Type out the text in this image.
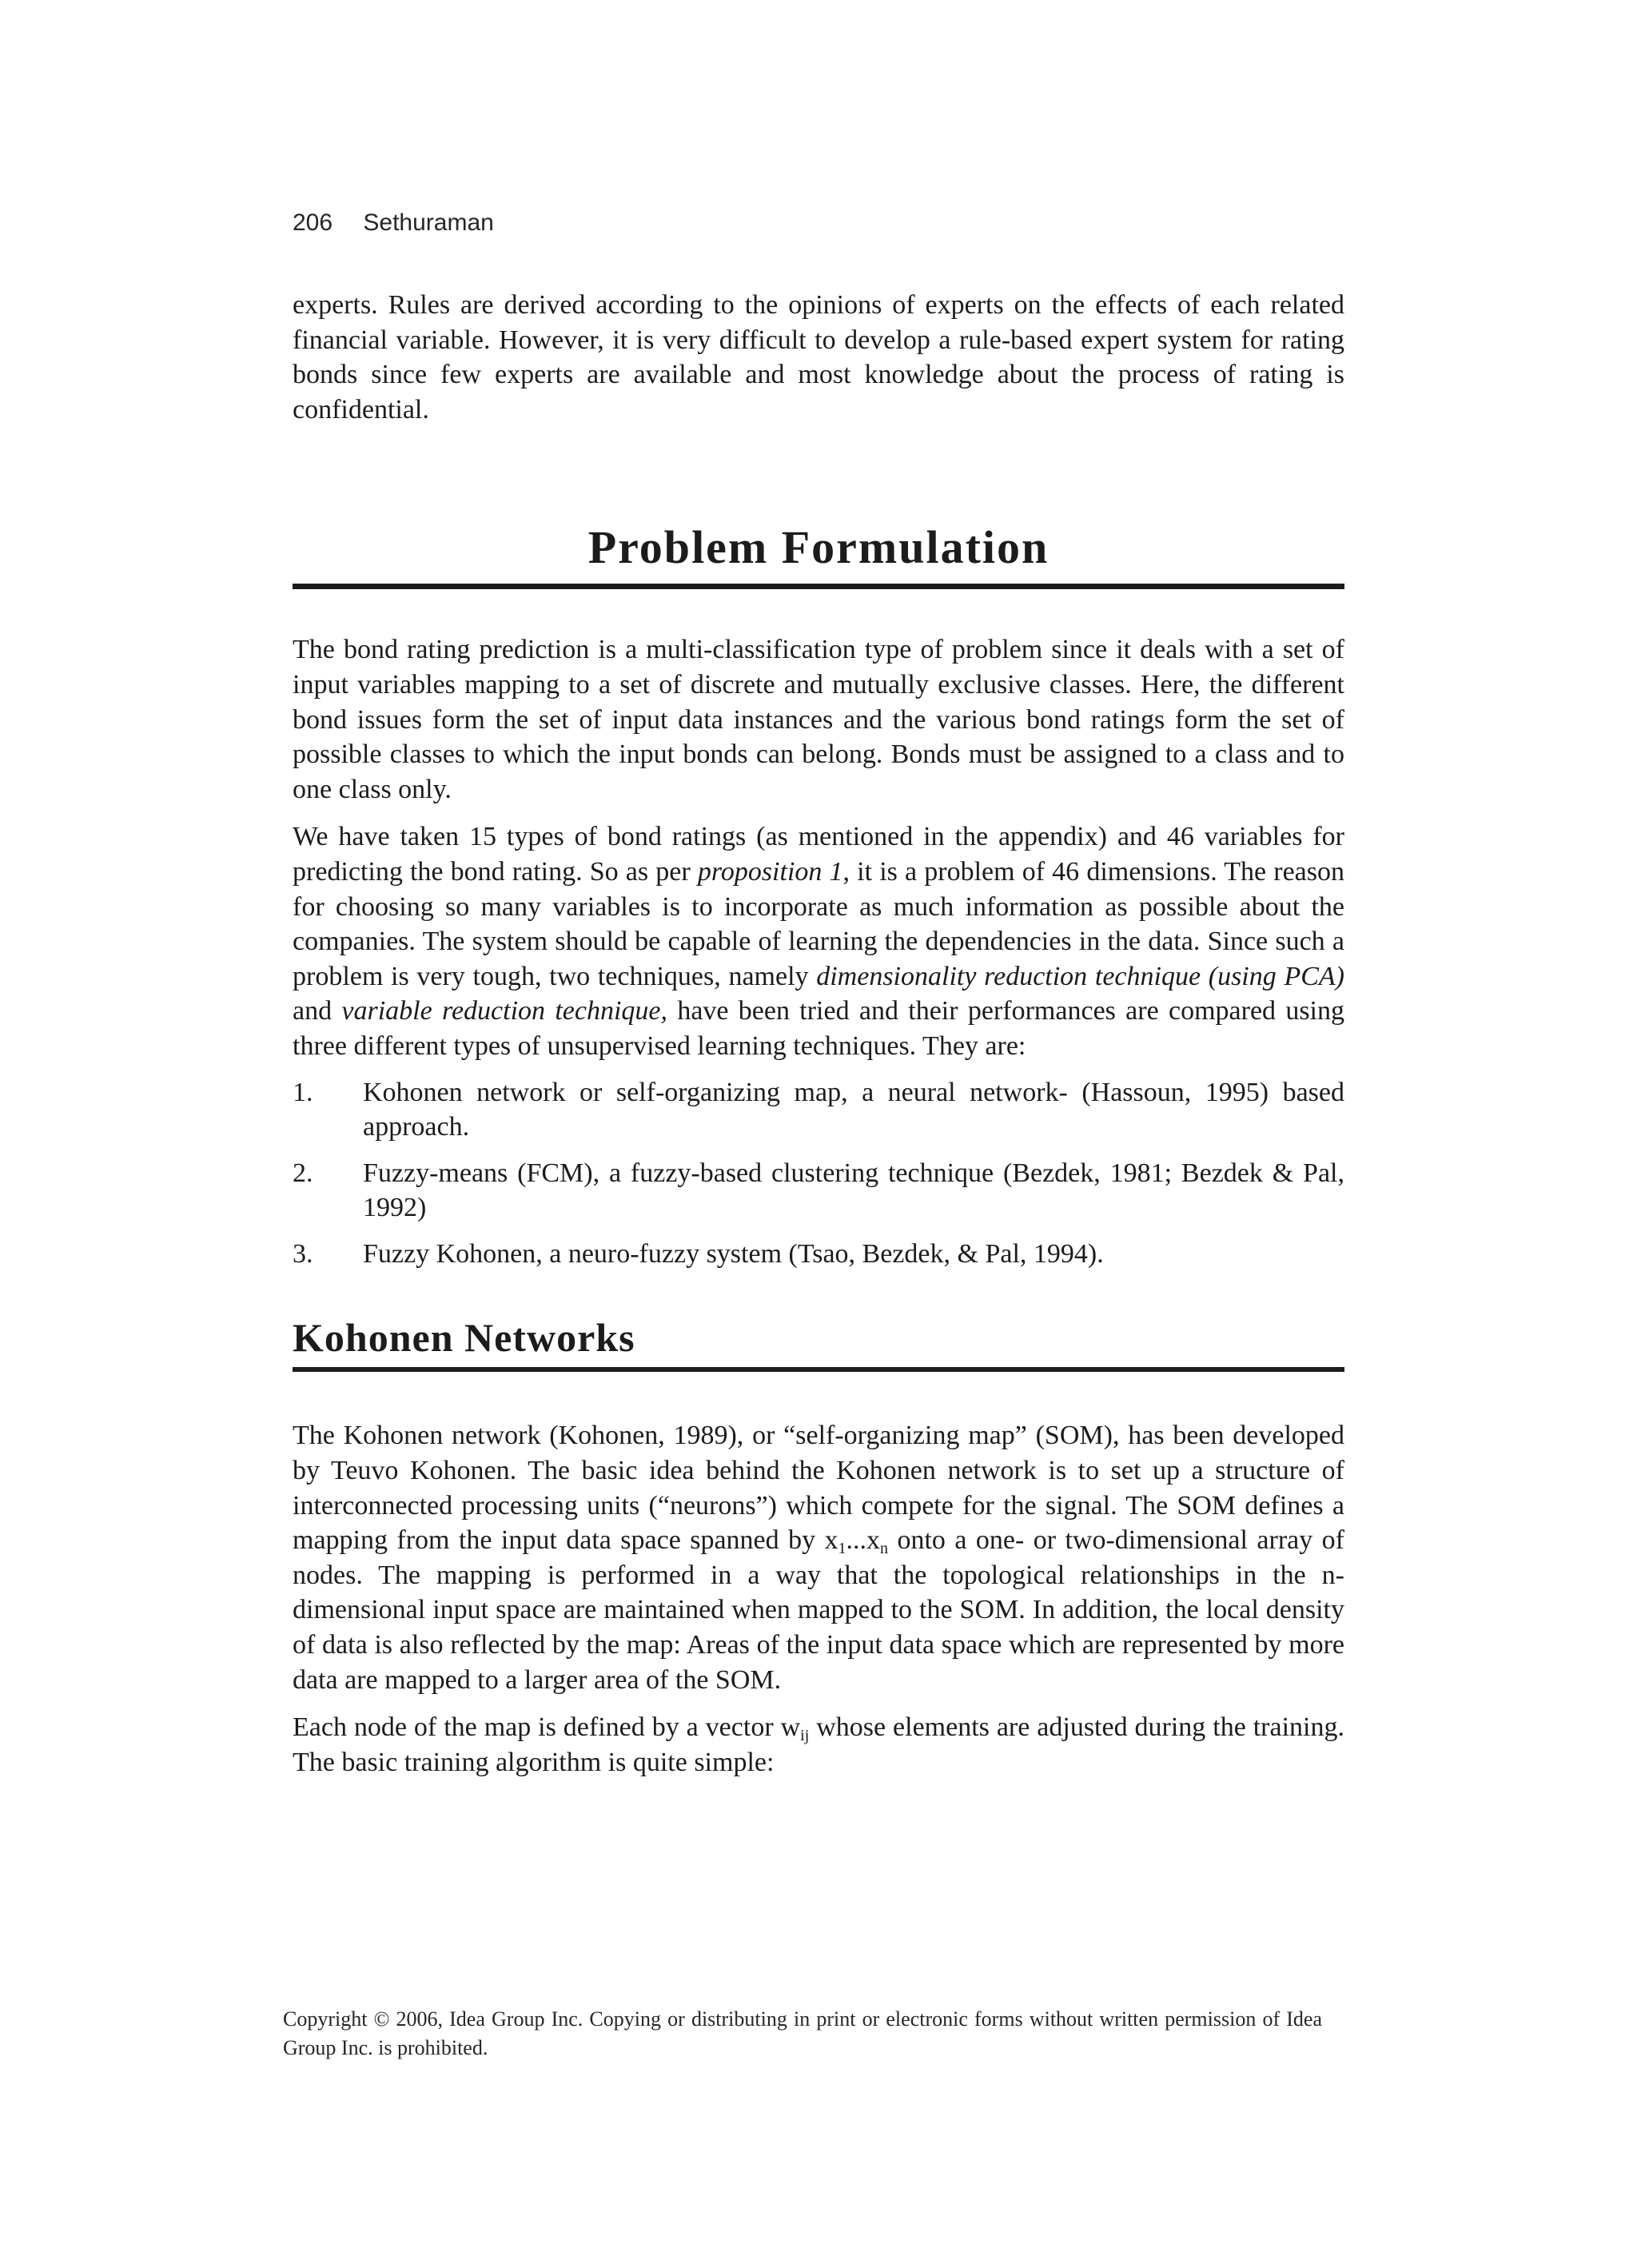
206 Sethuraman

experts. Rules are derived according to the opinions of experts on the effects of each related financial variable. However, it is very difficult to develop a rule-based expert system for rating bonds since few experts are available and most knowledge about the process of rating is confidential.

Problem Formulation

The bond rating prediction is a multi-classification type of problem since it deals with a set of input variables mapping to a set of discrete and mutually exclusive classes. Here, the different bond issues form the set of input data instances and the various bond ratings form the set of possible classes to which the input bonds can belong. Bonds must be assigned to a class and to one class only.

We have taken 15 types of bond ratings (as mentioned in the appendix) and 46 variables for predicting the bond rating. So as per proposition 1, it is a problem of 46 dimensions. The reason for choosing so many variables is to incorporate as much information as possible about the companies. The system should be capable of learning the dependencies in the data. Since such a problem is very tough, two techniques, namely dimensionality reduction technique (using PCA) and variable reduction technique, have been tried and their performances are compared using three different types of unsupervised learning techniques. They are:

1.	Kohonen network or self-organizing map, a neural network- (Hassoun, 1995) based approach.
2.	Fuzzy-means (FCM), a fuzzy-based clustering technique (Bezdek, 1981; Bezdek & Pal, 1992)
3.	Fuzzy Kohonen, a neuro-fuzzy system (Tsao, Bezdek, & Pal, 1994).
Kohonen Networks

The Kohonen network (Kohonen, 1989), or “self-organizing map” (SOM), has been developed by Teuvo Kohonen. The basic idea behind the Kohonen network is to set up a structure of interconnected processing units (“neurons”) which compete for the signal. The SOM defines a mapping from the input data space spanned by $x_1...x_n$ onto a one- or two-dimensional array of nodes. The mapping is performed in a way that the topological relationships in the n-dimensional input space are maintained when mapped to the SOM. In addition, the local density of data is also reflected by the map: Areas of the input data space which are represented by more data are mapped to a larger area of the SOM.

Each node of the map is defined by a vector $w_{ij}$ whose elements are adjusted during the training. The basic training algorithm is quite simple:

Copyright © 2006, Idea Group Inc. Copying or distributing in print or electronic forms without written permission of Idea Group Inc. is prohibited.
